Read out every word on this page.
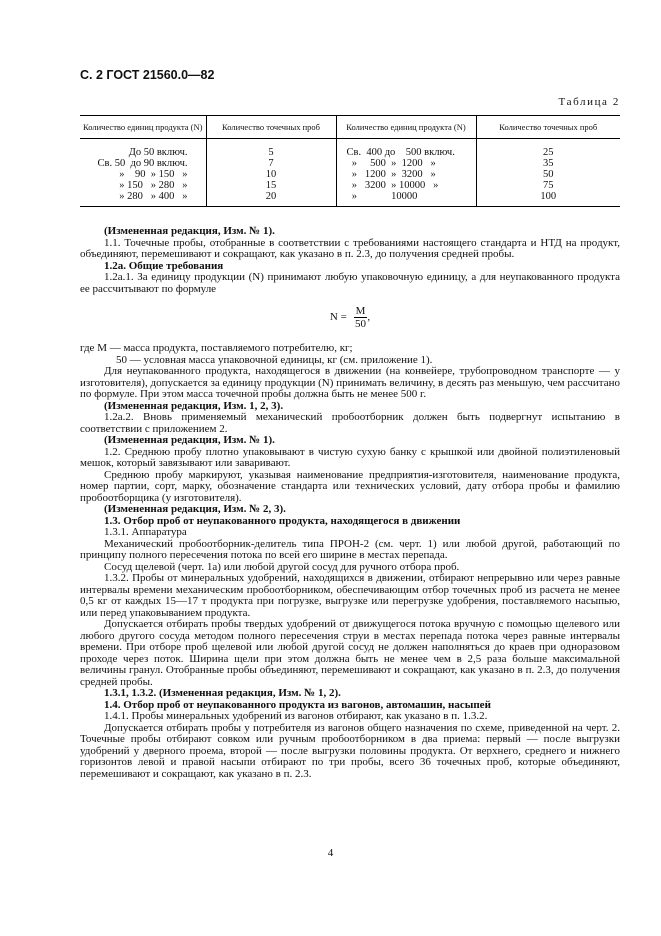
С. 2 ГОСТ 21560.0—82
Таблица 2
Количество единиц продукта (N)	Количество точечных проб	Количество единиц продукта (N)	Количество точечных проб
До 50 включ.	5	Св.  400 до    500 включ.	25
Св. 50  до 90 включ.	7	»     500  »  1200   »	35
»    90  » 150   »	10	»   1200  »  3200   »	50
» 150   » 280   »	15	»   3200  » 10000   »	75
» 280   » 400   »	20	»             10000	100

(Измененная редакция, Изм. № 1).

1.1. Точечные пробы, отобранные в соответствии с требованиями настоящего стандарта и НТД на продукт, объединяют, перемешивают и сокращают, как указано в п. 2.3, до получения средней пробы.

1.2а. Общие требования

1.2а.1. За единицу продукции (N) принимают любую упаковочную единицу, а для неупакованного продукта ее рассчитывают по формуле

$N = \frac{M}{50}$ ,

где M — масса продукта, поставляемого потребителю, кг;

50 — условная масса упаковочной единицы, кг (см. приложение 1).

Для неупакованного продукта, находящегося в движении (на конвейере, трубопроводном транспорте — у изготовителя), допускается за единицу продукции (N) принимать величину, в десять раз меньшую, чем рассчитано по формуле. При этом масса точечной пробы должна быть не менее 500 г.

(Измененная редакция, Изм. 1, 2, 3).

1.2а.2. Вновь применяемый механический пробоотборник должен быть подвергнут испытанию в соответствии с приложением 2.

(Измененная редакция, Изм. № 1).

1.2. Среднюю пробу плотно упаковывают в чистую сухую банку с крышкой или двойной полиэтиленовый мешок, который завязывают или заваривают.

Среднюю пробу маркируют, указывая наименование предприятия-изготовителя, наименование продукта, номер партии, сорт, марку, обозначение стандарта или технических условий, дату отбора пробы и фамилию пробоотборщика (у изготовителя).

(Измененная редакция, Изм. № 2, 3).

1.3. Отбор проб от неупакованного продукта, находящегося в движении

1.3.1. Аппаратура

Механический пробоотборник-делитель типа ПРОН-2 (см. черт. 1) или любой другой, работающий по принципу полного пересечения потока по всей его ширине в местах перепада.

Сосуд щелевой (черт. 1а) или любой другой сосуд для ручного отбора проб.

1.3.2. Пробы от минеральных удобрений, находящихся в движении, отбирают непрерывно или через равные интервалы времени механическим пробоотборником, обеспечивающим отбор точечных проб из расчета не менее 0,5 кг от каждых 15—17 т продукта при погрузке, выгрузке или перегрузке удобрения, поставляемого насыпью, или перед упаковыванием продукта.

Допускается отбирать пробы твердых удобрений от движущегося потока вручную с помощью щелевого или любого другого сосуда методом полного пересечения струи в местах перепада потока через равные интервалы времени. При отборе проб щелевой или любой другой сосуд не должен наполняться до краев при одноразовом проходе через поток. Ширина щели при этом должна быть не менее чем в 2,5 раза больше максимальной величины гранул. Отобранные пробы объединяют, перемешивают и сокращают, как указано в п. 2.3, до получения средней пробы.

1.3.1, 1.3.2. (Измененная редакция, Изм. № 1, 2).

1.4. Отбор проб от неупакованного продукта из вагонов, автомашин, насыпей

1.4.1. Пробы минеральных удобрений из вагонов отбирают, как указано в п. 1.3.2.

Допускается отбирать пробы у потребителя из вагонов общего назначения по схеме, приведенной на черт. 2. Точечные пробы отбирают совком или ручным пробоотборником в два приема: первый — после выгрузки удобрений у дверного проема, второй — после выгрузки половины продукта. От верхнего, среднего и нижнего горизонтов левой и правой насыпи отбирают по три пробы, всего 36 точечных проб, которые объединяют, перемешивают и сокращают, как указано в п. 2.3.

4
